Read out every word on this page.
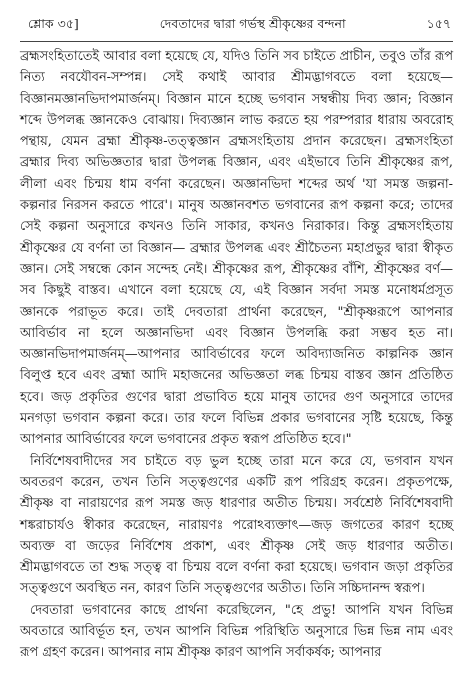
শ্লোক ৩৫]	দেবতাদের দ্বারা গর্ভস্থ শ্রীকৃষ্ণের বন্দনা	১৫৭

ব্রহ্মসংহিতাতেই আবার বলা হয়েছে যে, যদিও তিনি সব চাইতে প্রাচীন, তবুও তাঁর রূপ নিত্য নবযৌবন-সম্পন্ন। সেই কথাই আবার শ্রীমদ্ভাগবতে বলা হয়েছে— বিজ্ঞানমজ্ঞানভিদাপমার্জনম্। বিজ্ঞান মানে হচ্ছে ভগবান সম্বন্ধীয় দিব্য জ্ঞান; বিজ্ঞান শব্দে উপলব্ধ জ্ঞানকেও বোঝায়। দিব্যজ্ঞান লাভ করতে হয় পরম্পরার ধারায় অবরোহ পন্থায়, যেমন ব্রহ্মা শ্রীকৃষ্ণ-তত্ত্বজ্ঞান ব্রহ্মসংহিতায় প্রদান করেছেন। ব্রহ্মসংহিতা ব্রহ্মার দিব্য অভিজ্ঞতার দ্বারা উপলব্ধ বিজ্ঞান, এবং এইভাবে তিনি শ্রীকৃষ্ণের রূপ, লীলা এবং চিন্ময় ধাম বর্ণনা করেছেন। অজ্ঞানভিদা শব্দের অর্থ 'যা সমস্ত জল্পনা-কল্পনার নিরসন করতে পারে'। মানুষ অজ্ঞানবশত ভগবানের রূপ কল্পনা করে; তাদের সেই কল্পনা অনুসারে কখনও তিনি সাকার, কখনও নিরাকার। কিন্তু ব্রহ্মসংহিতায় শ্রীকৃষ্ণের যে বর্ণনা তা বিজ্ঞান— ব্রহ্মার উপলব্ধ এবং শ্রীচৈতন্য মহাপ্রভুর দ্বারা স্বীকৃত জ্ঞান। সেই সম্বন্ধে কোন সন্দেহ নেই। শ্রীকৃষ্ণের রূপ, শ্রীকৃষ্ণের বাঁশি, শ্রীকৃষ্ণের বর্ণ—সব কিছুই বাস্তব। এখানে বলা হয়েছে যে, এই বিজ্ঞান সর্বদা সমস্ত মনোধর্মপ্রসূত জ্ঞানকে পরাভূত করে। তাই দেবতারা প্রার্থনা করেছেন, "শ্রীকৃষ্ণরূপে আপনার আবির্ভাব না হলে অজ্ঞানভিদা এবং বিজ্ঞান উপলব্ধি করা সম্ভব হত না। অজ্ঞানভিদাপমার্জনম্—আপনার আবির্ভাবের ফলে অবিদ্যাজনিত কাল্পনিক জ্ঞান বিলুপ্ত হবে এবং ব্রহ্মা আদি মহাজনের অভিজ্ঞতা লব্ধ চিন্ময় বাস্তব জ্ঞান প্রতিষ্ঠিত হবে। জড় প্রকৃতির গুণের দ্বারা প্রভাবিত হয়ে মানুষ তাদের গুণ অনুসারে তাদের মনগড়া ভগবান কল্পনা করে। তার ফলে বিভিন্ন প্রকার ভগবানের সৃষ্টি হয়েছে, কিন্তু আপনার আবির্ভাবের ফলে ভগবানের প্রকৃত স্বরূপ প্রতিষ্ঠিত হবে।"

নির্বিশেষবাদীদের সব চাইতে বড় ভুল হচ্ছে তারা মনে করে যে, ভগবান যখন অবতরণ করেন, তখন তিনি সত্ত্বগুণের একটি রূপ পরিগ্রহ করেন। প্রকৃতপক্ষে, শ্রীকৃষ্ণ বা নারায়ণের রূপ সমস্ত জড় ধারণার অতীত চিন্ময়। সর্বশ্রেষ্ঠ নির্বিশেষবাদী শঙ্করাচার্যও স্বীকার করেছেন, নারায়ণঃ পরোঽব্যক্তাৎ—জড় জগতের কারণ হচ্ছে অব্যক্ত বা জড়ের নির্বিশেষ প্রকাশ, এবং শ্রীকৃষ্ণ সেই জড় ধারণার অতীত। শ্রীমদ্ভাগবতে তা শুদ্ধ সত্ত্ব বা চিন্ময় বলে বর্ণনা করা হয়েছে। ভগবান জড়া প্রকৃতির সত্ত্বগুণে অবস্থিত নন, কারণ তিনি সত্ত্বগুণের অতীত। তিনি সচ্চিদানন্দ স্বরূপ।

দেবতারা ভগবানের কাছে প্রার্থনা করেছিলেন, "হে প্রভু! আপনি যখন বিভিন্ন অবতারে আবির্ভূত হন, তখন আপনি বিভিন্ন পরিস্থিতি অনুসারে ভিন্ন ভিন্ন নাম এবং রূপ গ্রহণ করেন। আপনার নাম শ্রীকৃষ্ণ কারণ আপনি সর্বাকর্ষক; আপনার
